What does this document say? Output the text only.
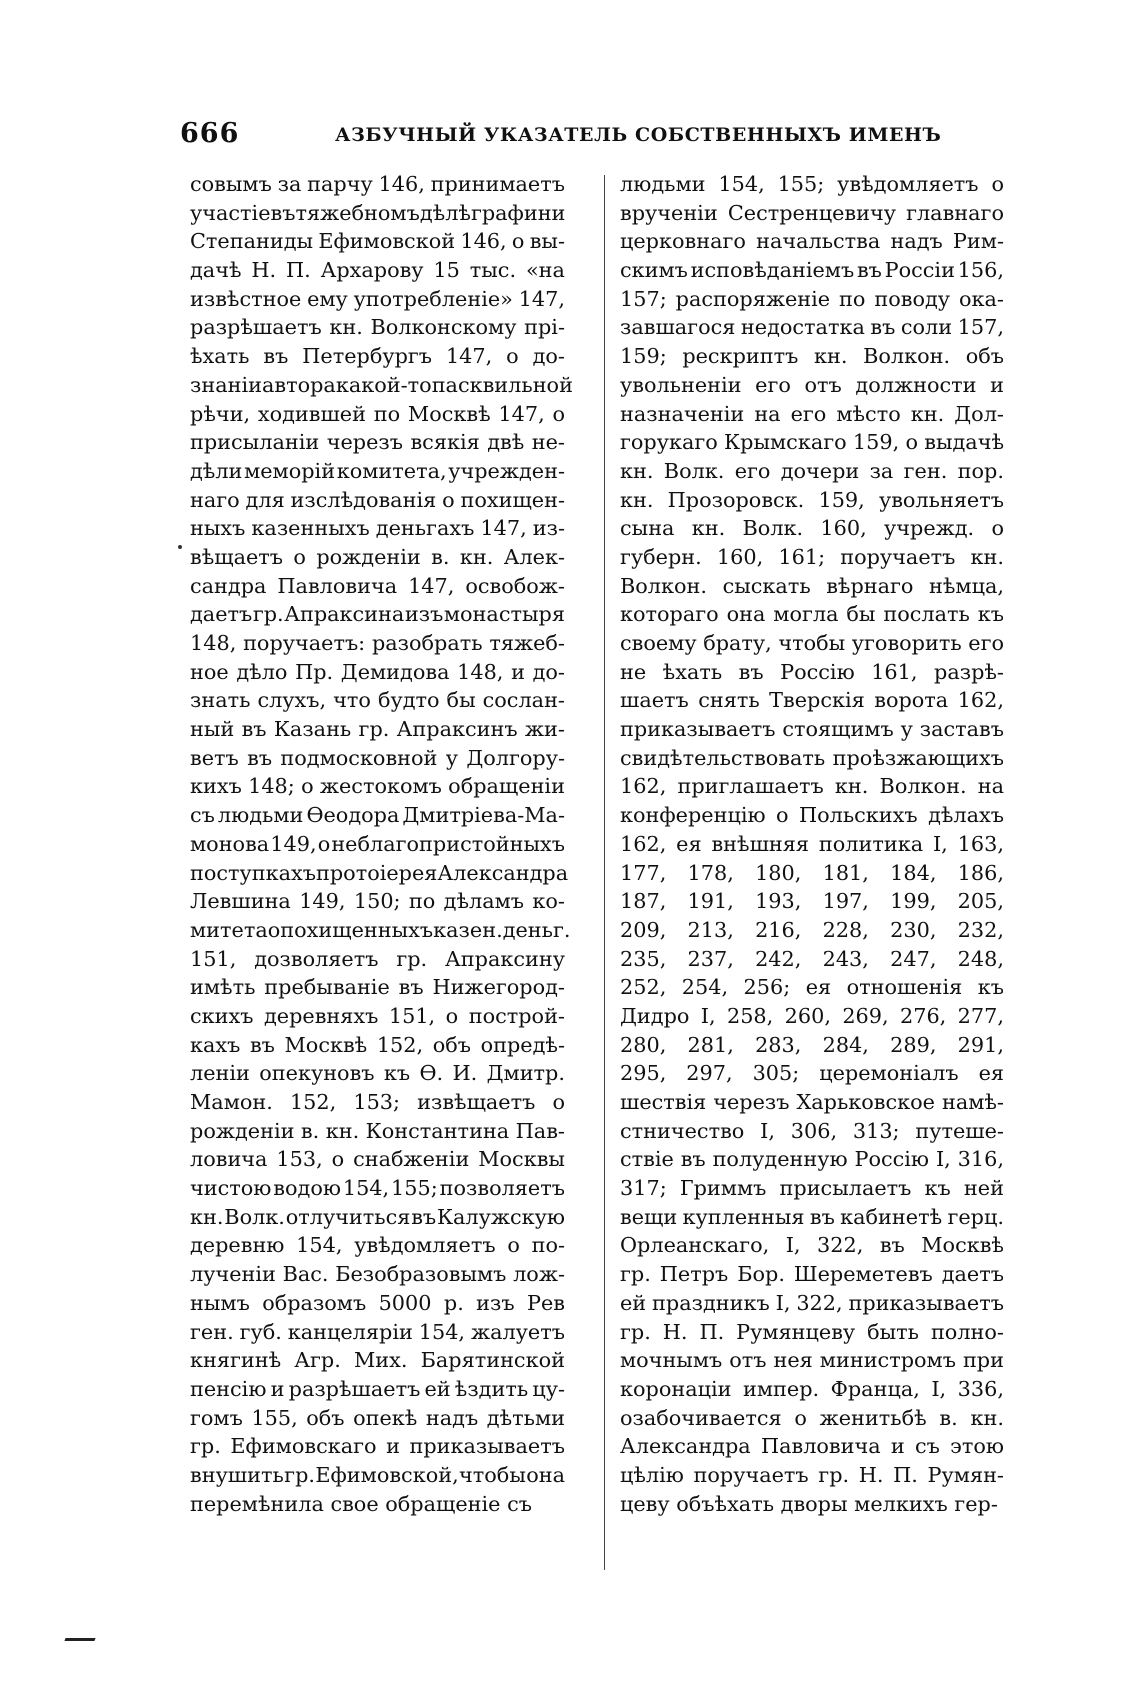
666	АЗБУЧНЫЙ УКАЗАТЕЛЬ СОБСТВЕННЫХЪ ИМЕНЪ
совымъ за парчу 146, принимаетъ
участіе въ тяжебномъ дѣлѣ графини
Степаниды Ефимовской 146, о вы-
дачѣ Н. П. Архарову 15 тыс. «на
извѣстное ему употребленіе» 147,
разрѣшаетъ кн. Волконскому прі-
ѣхать въ Петербургъ 147, о до-
знаніи автора какой-то пасквильной
рѣчи, ходившей по Москвѣ 147, о
присыланіи черезъ всякія двѣ не-
дѣли меморій комитета, учрежден-
наго для изслѣдованія о похищен-
ныхъ казенныхъ деньгахъ 147, из-
вѣщаетъ о рожденіи в. кн. Алек-
сандра Павловича 147, освобож-
даетъ гр. Апраксина изъ монастыря
148, поручаетъ: разобрать тяжеб-
ное дѣло Пр. Демидова 148, и до-
знать слухъ, что будто бы сослан-
ный въ Казань гр. Апраксинъ жи-
ветъ въ подмосковной у Долгору-
кихъ 148; о жестокомъ обращеніи
съ людьми Ѳеодора Дмитріева-Ма-
монова 149, о неблагопристойныхъ
поступкахъ протоіерея Александра
Левшина 149, 150; по дѣламъ ко-
митета о похищенныхъ казен. деньг.
151, дозволяетъ гр. Апраксину
имѣть пребываніе въ Нижегород-
скихъ деревняхъ 151, о построй-
кахъ въ Москвѣ 152, объ опредѣ-
леніи опекуновъ къ Ѳ. И. Дмитр.
Мамон. 152, 153; извѣщаетъ о
рожденіи в. кн. Константина Пав-
ловича 153, о снабженіи Москвы
чистою водою 154, 155; позволяетъ
кн. Волк. отлучиться въ Калужскую
деревню 154, увѣдомляетъ о по-
лученіи Вас. Безобразовымъ лож-
нымъ образомъ 5000 р. изъ Рев
ген. губ. канцеляріи 154, жалуетъ
княгинѣ Агр. Мих. Барятинской
пенсію и разрѣшаетъ ей ѣздить цу-
гомъ 155, объ опекѣ надъ дѣтьми
гр. Ефимовскаго и приказываетъ
внушить гр. Ефимовской, чтобы она
перемѣнила свое обращеніе съ
людьми 154, 155; увѣдомляетъ о
врученіи Сестренцевичу главнаго
церковнаго начальства надъ Рим-
скимъ исповѣданіемъ въ Россіи 156,
157; распоряженіе по поводу ока-
завшагося недостатка въ соли 157,
159; рескриптъ кн. Волкон. объ
увольненіи его отъ должности и
назначеніи на его мѣсто кн. Дол-
горукаго Крымскаго 159, о выдачѣ
кн. Волк. его дочери за ген. пор.
кн. Прозоровск. 159, увольняетъ
сына кн. Волк. 160, учрежд. о
губерн. 160, 161; поручаетъ кн.
Волкон. сыскать вѣрнаго нѣмца,
котораго она могла бы послать къ
своему брату, чтобы уговорить его
не ѣхать въ Россію 161, разрѣ-
шаетъ снять Тверскія ворота 162,
приказываетъ стоящимъ у заставъ
свидѣтельствовать проѣзжающихъ
162, приглашаетъ кн. Волкон. на
конференцію о Польскихъ дѣлахъ
162, ея внѣшняя политика I, 163,
177, 178, 180, 181, 184, 186,
187, 191, 193, 197, 199, 205,
209, 213, 216, 228, 230, 232,
235, 237, 242, 243, 247, 248,
252, 254, 256; ея отношенія къ
Дидро I, 258, 260, 269, 276, 277,
280, 281, 283, 284, 289, 291,
295, 297, 305; церемоніалъ ея
шествія черезъ Харьковское намѣ-
стничество I, 306, 313; путеше-
ствіе въ полуденную Россію I, 316,
317; Гриммъ присылаетъ къ ней
вещи купленныя въ кабинетѣ герц.
Орлеанскаго, I, 322, въ Москвѣ
гр. Петръ Бор. Шереметевъ даетъ
ей праздникъ I, 322, приказываетъ
гр. Н. П. Румянцеву быть полно-
мочнымъ отъ нея министромъ при
коронаціи импер. Франца, I, 336,
озабочивается о женитьбѣ в. кн.
Александра Павловича и съ этою
цѣлію поручаетъ гр. Н. П. Румян-
цеву объѣхать дворы мелкихъ гер-
